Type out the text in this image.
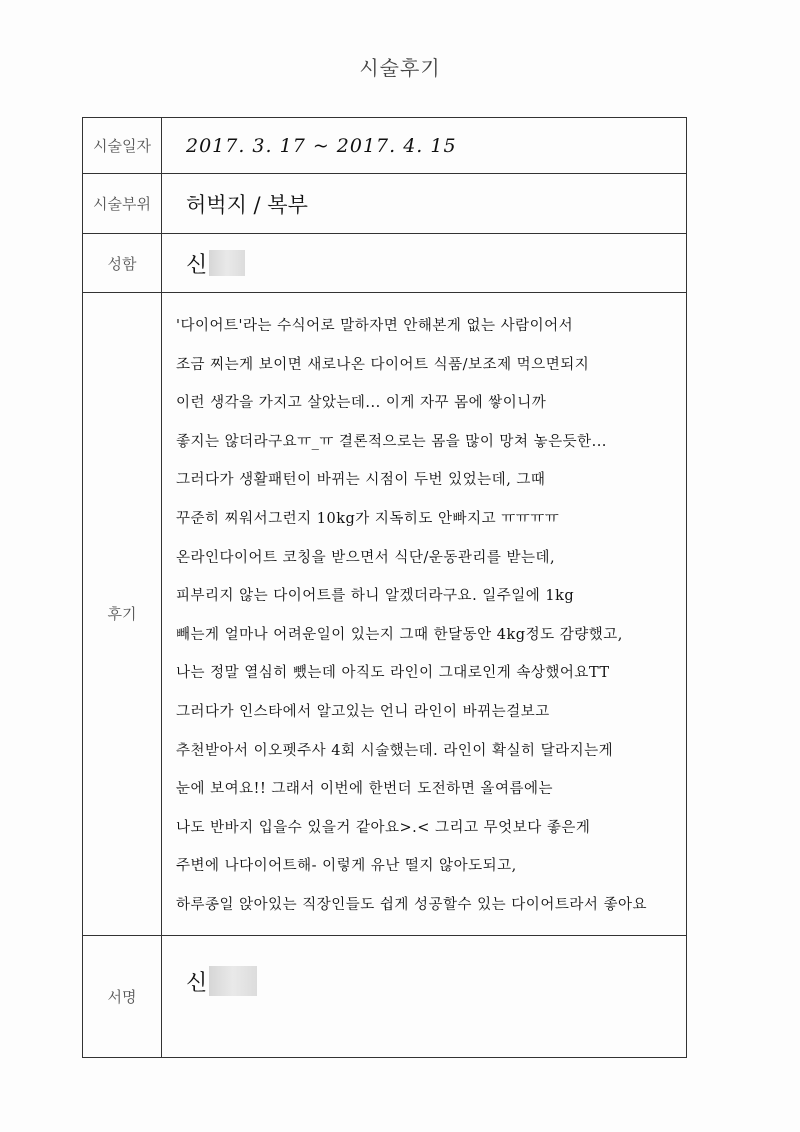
시술후기
시술일자	2017. 3. 17 ~ 2017. 4. 15
시술부위	허벅지 / 복부
성함	신

후기	
'다이어트'라는 수식어로 말하자면 안해본게 없는 사람이어서
조금 찌는게 보이면 새로나온 다이어트 식품/보조제 먹으면되지
이런 생각을 가지고 살았는데... 이게 자꾸 몸에 쌓이니까
좋지는 않더라구요ㅠ_ㅠ 결론적으로는 몸을 많이 망쳐 놓은듯한...
그러다가 생활패턴이 바뀌는 시점이 두번 있었는데, 그때
꾸준히 찌워서그런지 10kg가 지독히도 안빠지고 ㅠㅠㅠㅠ
온라인다이어트 코칭을 받으면서 식단/운동관리를 받는데,
피부리지 않는 다이어트를 하니 알겠더라구요. 일주일에 1kg
빼는게 얼마나 어려운일이 있는지 그때 한달동안 4kg정도 감량했고,
나는 정말 열심히 뺐는데 아직도 라인이 그대로인게 속상했어요TT
그러다가 인스타에서 알고있는 언니 라인이 바뀌는걸보고
추천받아서 이오펫주사 4회 시술했는데. 라인이 확실히 달라지는게
눈에 보여요!! 그래서 이번에 한번더 도전하면 올여름에는
나도 반바지 입을수 있을거 같아요>.< 그리고 무엇보다 좋은게
주변에 나다이어트해- 이렇게 유난 떨지 않아도되고,
하루종일 앉아있는 직장인들도 쉽게 성공할수 있는 다이어트라서 좋아요

서명	신
